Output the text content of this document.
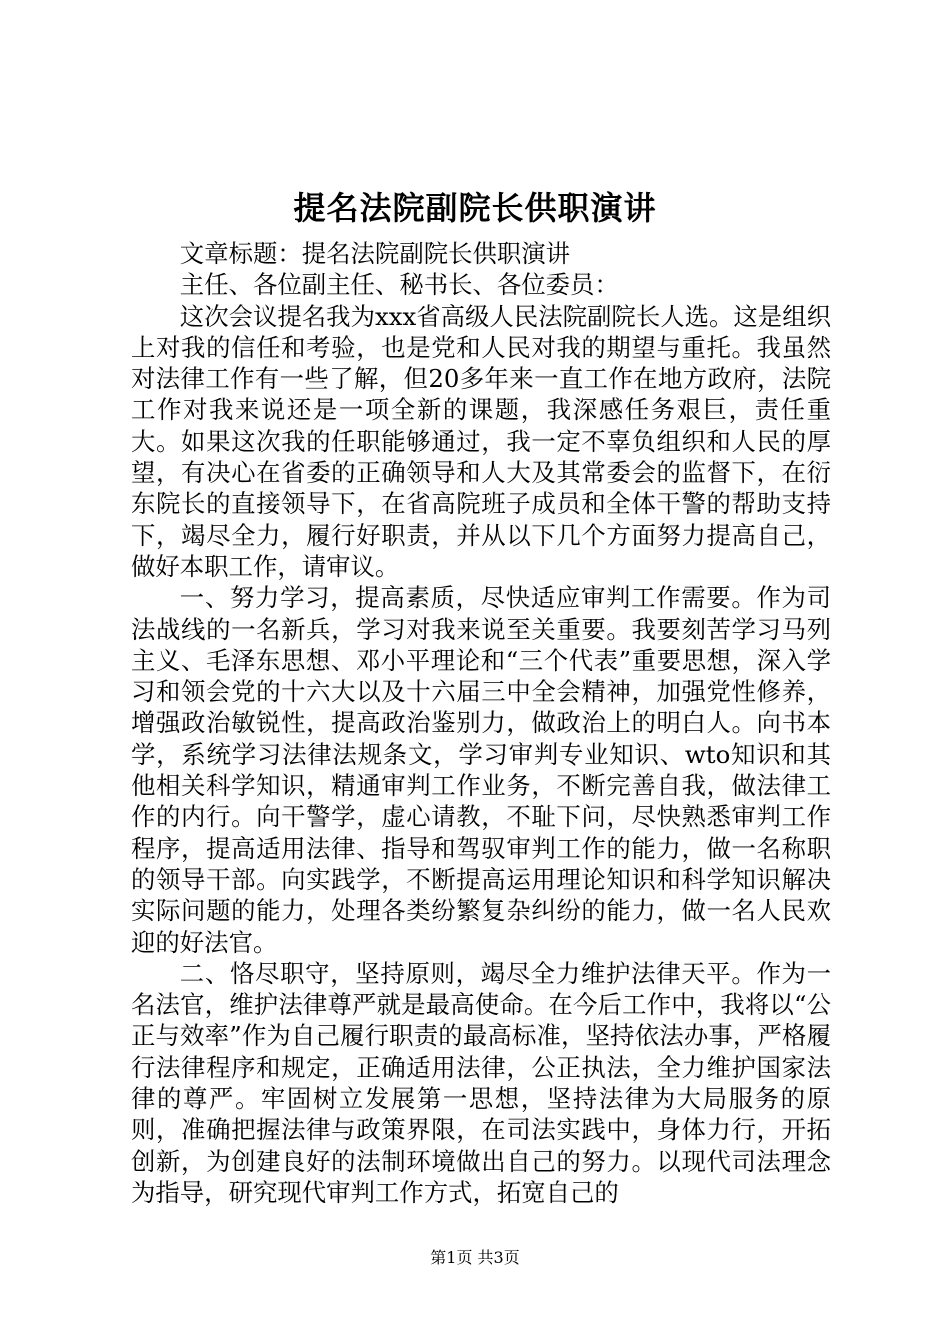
提名法院副院长供职演讲

文章标题：提名法院副院长供职演讲

主任、各位副主任、秘书长、各位委员：

这次会议提名我为xxx省高级人民法院副院长人选。这是组织上对我的信任和考验，也是党和人民对我的期望与重托。我虽然对法律工作有一些了解，但20多年来一直工作在地方政府，法院工作对我来说还是一项全新的课题，我深感任务艰巨，责任重大。如果这次我的任职能够通过，我一定不辜负组织和人民的厚望，有决心在省委的正确领导和人大及其常委会的监督下，在衍东院长的直接领导下，在省高院班子成员和全体干警的帮助支持下，竭尽全力，履行好职责，并从以下几个方面努力提高自己，做好本职工作，请审议。

一、努力学习，提高素质，尽快适应审判工作需要。作为司法战线的一名新兵，学习对我来说至关重要。我要刻苦学习马列主义、毛泽东思想、邓小平理论和“三个代表”重要思想，深入学习和领会党的十六大以及十六届三中全会精神，加强党性修养，增强政治敏锐性，提高政治鉴别力，做政治上的明白人。向书本学，系统学习法律法规条文，学习审判专业知识、wto知识和其他相关科学知识，精通审判工作业务，不断完善自我，做法律工作的内行。向干警学，虚心请教，不耻下问，尽快熟悉审判工作程序，提高适用法律、指导和驾驭审判工作的能力，做一名称职的领导干部。向实践学，不断提高运用理论知识和科学知识解决实际问题的能力，处理各类纷繁复杂纠纷的能力，做一名人民欢迎的好法官。

二、恪尽职守，坚持原则，竭尽全力维护法律天平。作为一名法官，维护法律尊严就是最高使命。在今后工作中，我将以“公正与效率”作为自己履行职责的最高标准，坚持依法办事，严格履行法律程序和规定，正确适用法律，公正执法，全力维护国家法律的尊严。牢固树立发展第一思想，坚持法律为大局服务的原则，准确把握法律与政策界限，在司法实践中，身体力行，开拓创新，为创建良好的法制环境做出自己的努力。以现代司法理念为指导，研究现代审判工作方式，拓宽自己的

第1页 共3页
